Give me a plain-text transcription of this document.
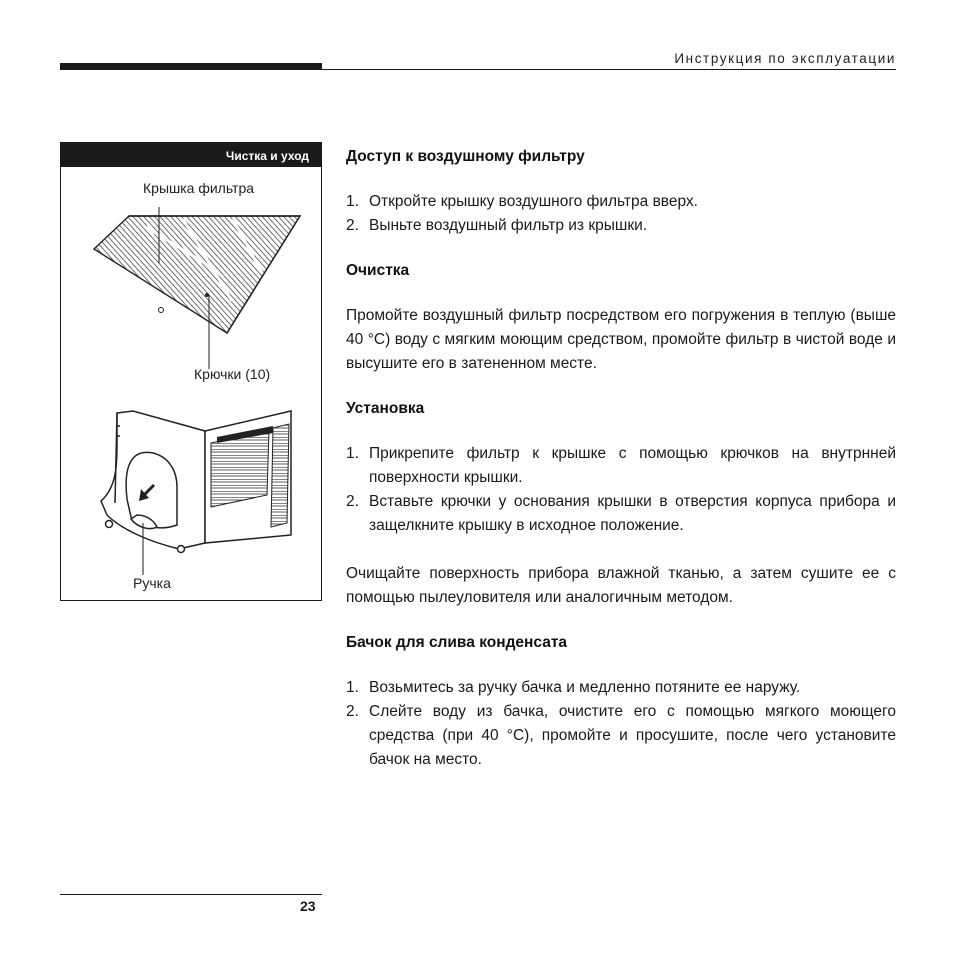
Инструкция по эксплуатации
Чистка и уход
Крышка фильтра
Крючки (10)
Ручка
Доступ к воздушному фильтру
1. Откройте крышку воздушного фильтра вверх.
2. Выньте воздушный фильтр из крышки.
Очистка

Промойте воздушный фильтр посредством его погружения в теплую (выше 40 °C) воду с мягким моющим средством, промойте фильтр в чистой воде и высушите его в затененном месте.

Установка
1. Прикрепите фильтр к крышке с помощью крючков на внутрнней поверхности крышки.
2. Вставьте крючки у основания крышки в отверстия корпуса прибора и защелкните крышку в исходное положение.

Очищайте поверхность прибора влажной тканью, а затем сушите ее с помощью пылеуловителя или аналогичным методом.

Бачок для слива конденсата
1. Возьмитесь за ручку бачка и медленно потяните ее наружу.
2. Слейте воду из бачка, очистите его с помощью мягкого моющего средства (при 40 °C), промойте и просушите, после чего установите бачок на место.
23
